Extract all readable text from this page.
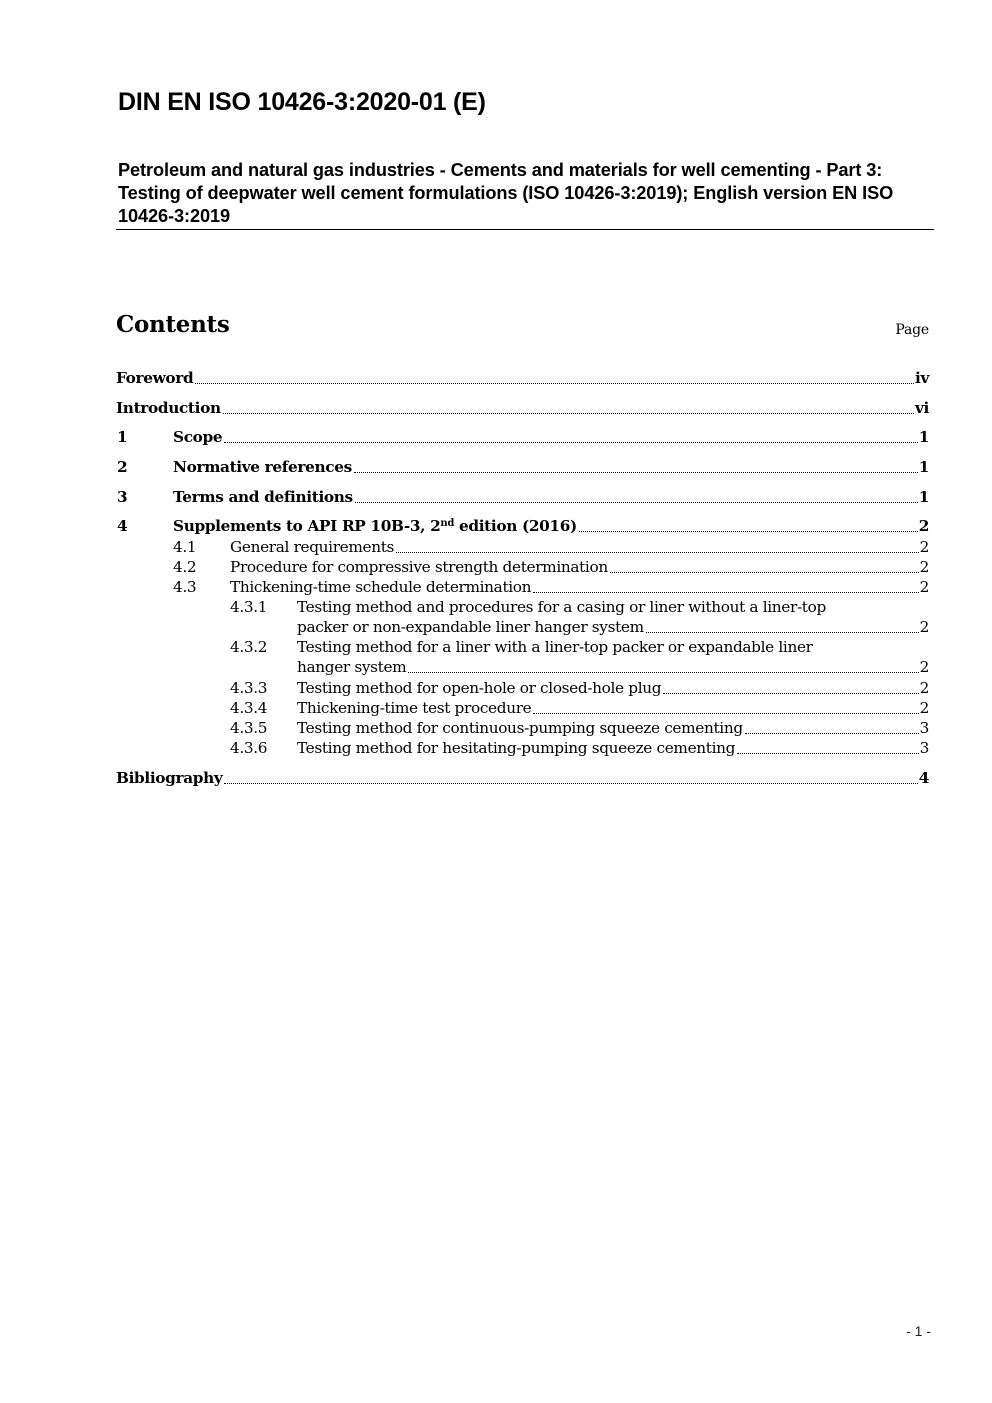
DIN EN ISO 10426-3:2020-01 (E)
Petroleum and natural gas industries - Cements and materials for well cementing - Part 3: Testing of deepwater well cement formulations (ISO 10426-3:2019); English version EN ISO 10426-3:2019
Contents	Page
Foreword	iv
Introduction	vi
1	Scope	1
2	Normative references	1
3	Terms and definitions	1
4	Supplements to API RP 10B-3, 2nd edition (2016)	2
4.1 General requirements	2
4.2 Procedure for compressive strength determination	2
4.3 Thickening-time schedule determination	2
4.3.1 Testing method and procedures for a casing or liner without a liner-top
packer or non-expandable liner hanger system	2
4.3.2 Testing method for a liner with a liner-top packer or expandable liner
hanger system	2
4.3.3 Testing method for open-hole or closed-hole plug	2
4.3.4 Thickening-time test procedure	2
4.3.5 Testing method for continuous-pumping squeeze cementing	3
4.3.6 Testing method for hesitating-pumping squeeze cementing	3
Bibliography	4
- 1 -
